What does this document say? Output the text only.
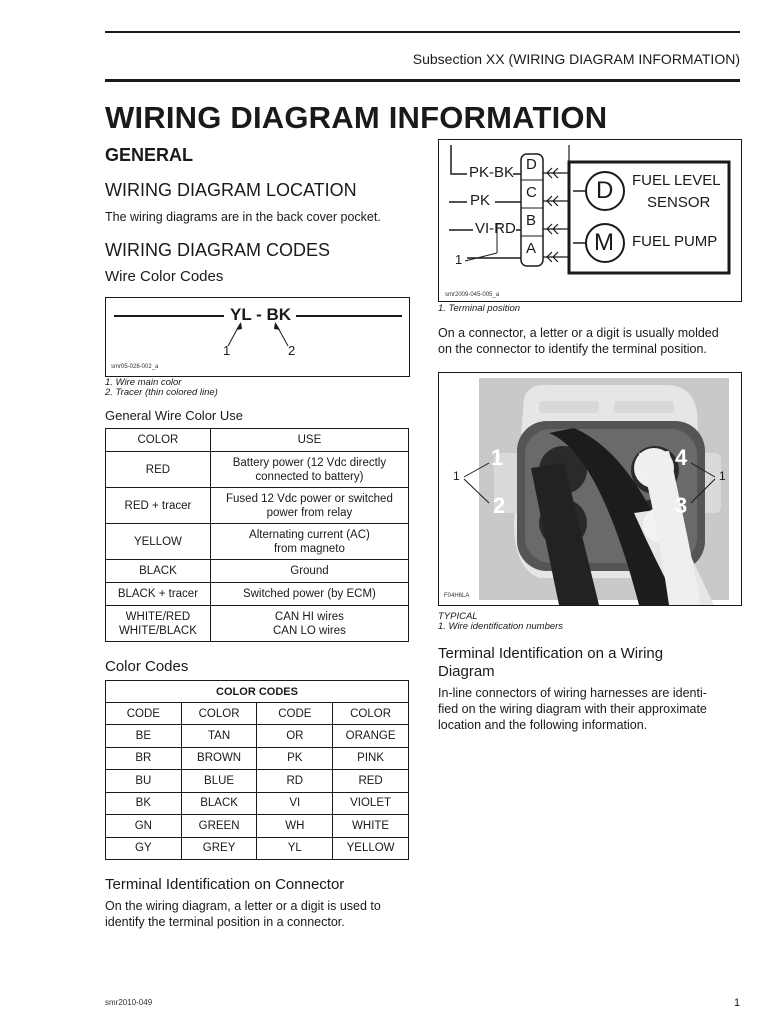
Subsection XX (WIRING DIAGRAM INFORMATION)
WIRING DIAGRAM INFORMATION
GENERAL
WIRING DIAGRAM LOCATION
The wiring diagrams are in the back cover pocket.
WIRING DIAGRAM CODES
Wire Color Codes
YL - BK
1	2
smr05-026-002_a
1. Wire main color
2. Tracer (thin colored line)
General Wire Color Use
COLOR	USE
RED	Battery power (12 Vdc directly
connected to battery)
RED + tracer	Fused 12 Vdc power or switched
power from relay
YELLOW	Alternating current (AC)
from magneto
BLACK	Ground
BLACK + tracer	Switched power (by ECM)
WHITE/RED
WHITE/BLACK	CAN HI wires
CAN LO wires
Color Codes
COLOR CODES			
CODE	COLOR	CODE	COLOR
BE	TAN	OR	ORANGE
BR	BROWN	PK	PINK
BU	BLUE	RD	RED
BK	BLACK	VI	VIOLET
GN	GREEN	WH	WHITE
GY	GREY	YL	YELLOW
Terminal Identification on Connector
On the wiring diagram, a letter or a digit is used to
identify the terminal position in a connector.
PK-BK
PK
VI-RD
D
C
B
A
D
M
FUEL LEVEL
SENSOR
FUEL PUMP
1
smr2009-045-005_a
1. Terminal position
On a connector, a letter or a digit is usually molded
on the connector to identify the terminal position.
1
2	3
4
1	1
F04H6LA
TYPICAL
1. Wire identification numbers
Terminal Identification on a Wiring
Diagram
In-line connectors of wiring harnesses are identi-
fied on the wiring diagram with their approximate
location and the following information.
smr2010-049	1
